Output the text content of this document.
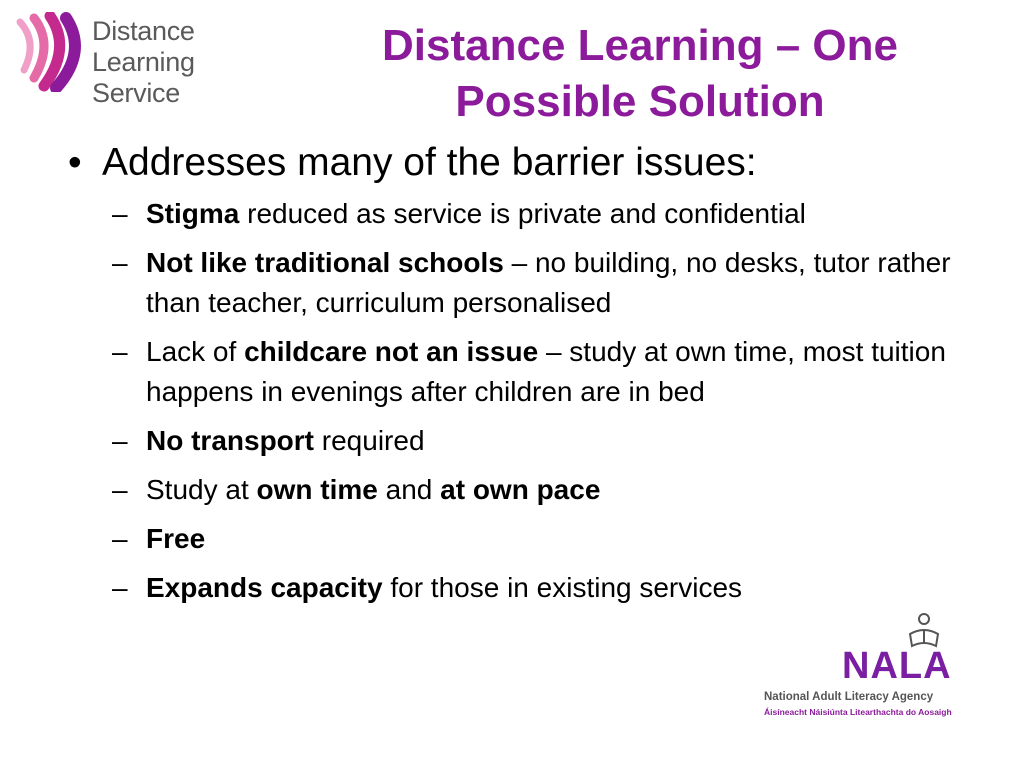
Distance
Learning
Service
Distance Learning – One
Possible Solution
• Addresses many of the barrier issues:
– Stigma reduced as service is private and confidential
– Not like traditional schools – no building, no desks, tutor rather than teacher, curriculum personalised
– Lack of childcare not an issue – study at own time, most tuition happens in evenings after children are in bed
– No transport required
– Study at own time and at own pace
– Free
– Expands capacity for those in existing services
NALA
National Adult Literacy Agency
Áisíneacht Náisiúnta Litearthachta do Aosaigh
